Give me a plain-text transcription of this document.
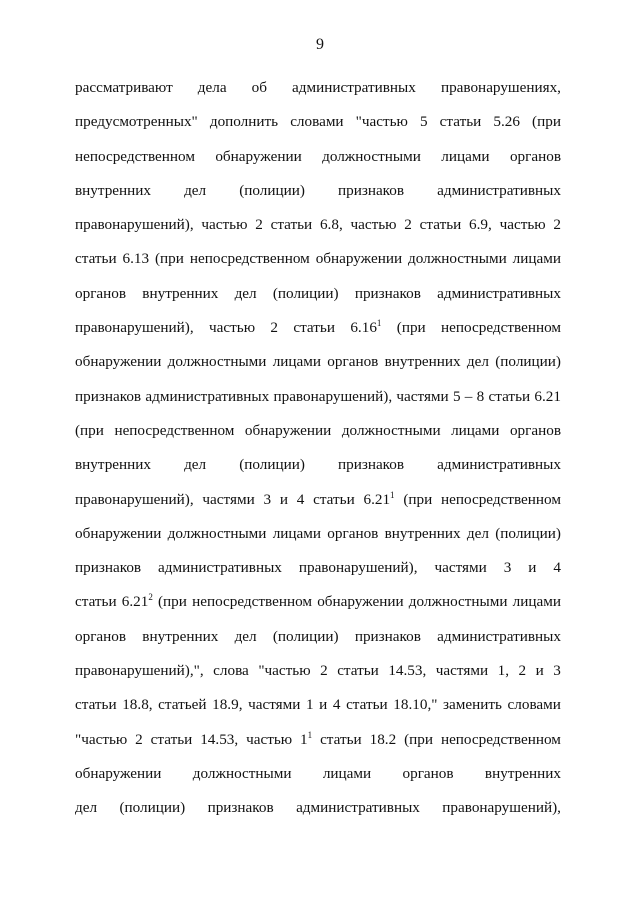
9
рассматривают дела об административных правонарушениях,
предусмотренных" дополнить словами "частью 5 статьи 5.26 (при
непосредственном обнаружении должностными лицами органов
внутренних дел (полиции) признаков административных
правонарушений), частью 2 статьи 6.8, частью 2 статьи 6.9, частью 2
статьи 6.13 (при непосредственном обнаружении должностными лицами
органов внутренних дел (полиции) признаков административных
правонарушений), частью 2 статьи 6.16$^1$ (при непосредственном
обнаружении должностными лицами органов внутренних дел (полиции)
признаков административных правонарушений), частями 5 – 8 статьи 6.21
(при непосредственном обнаружении должностными лицами органов
внутренних дел (полиции) признаков административных
правонарушений), частями 3 и 4 статьи 6.21$^1$ (при непосредственном
обнаружении должностными лицами органов внутренних дел (полиции)
признаков административных правонарушений), частями 3 и 4
статьи 6.21$^2$ (при непосредственном обнаружении должностными лицами
органов внутренних дел (полиции) признаков административных
правонарушений),", слова "частью 2 статьи 14.53, частями 1, 2 и 3
статьи 18.8, статьей 18.9, частями 1 и 4 статьи 18.10," заменить словами
"частью 2 статьи 14.53, частью $1^1$ статьи 18.2 (при непосредственном
обнаружении должностными лицами органов внутренних
дел (полиции) признаков административных правонарушений),
